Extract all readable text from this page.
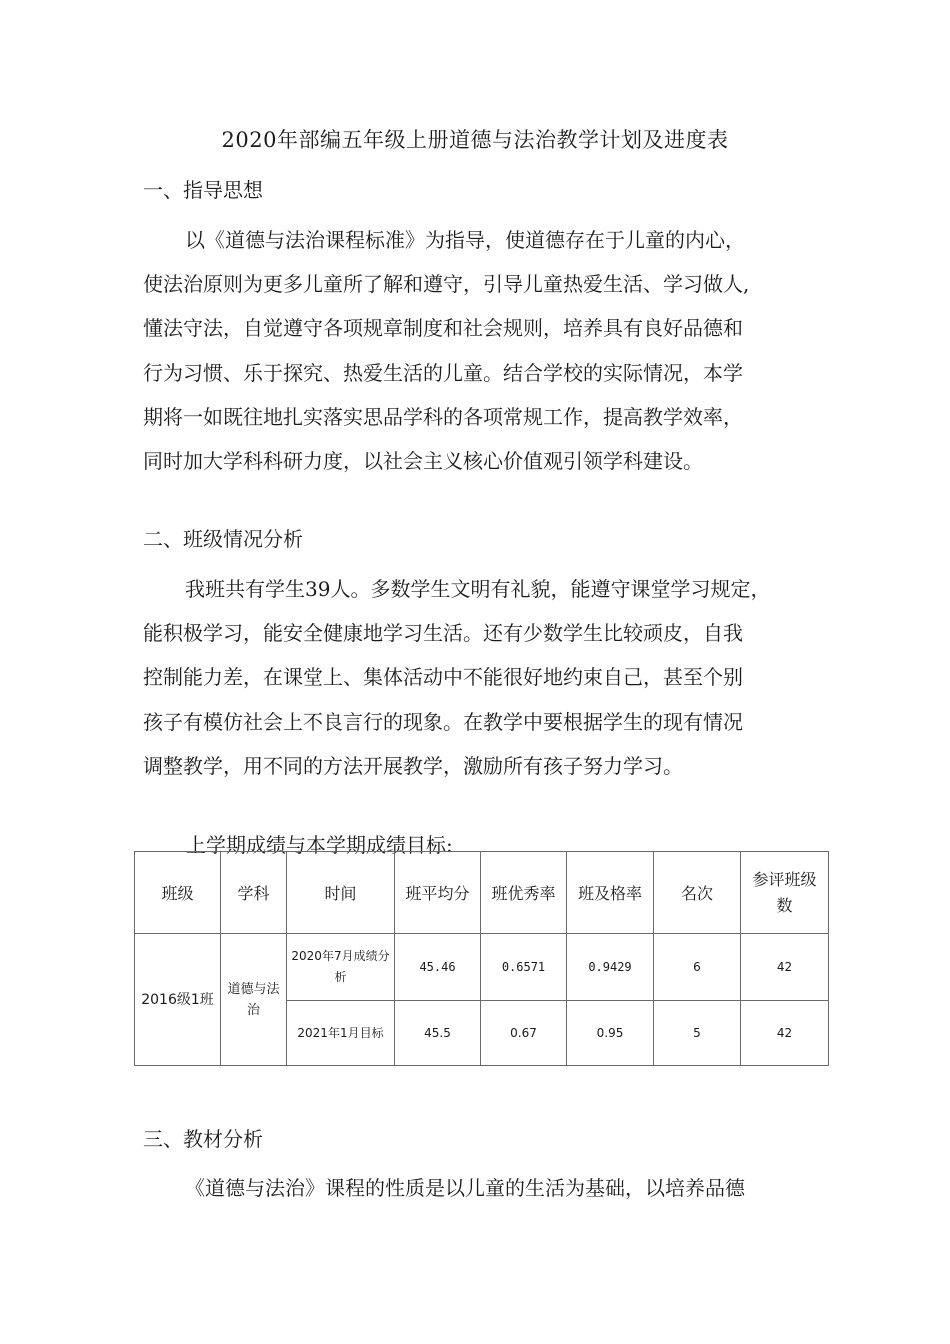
2020年部编五年级上册道德与法治教学计划及进度表
一、指导思想
以《道德与法治课程标准》为指导，使道德存在于儿童的内心，
使法治原则为更多儿童所了解和遵守，引导儿童热爱生活、学习做人,
懂法守法，自觉遵守各项规章制度和社会规则，培养具有良好品德和
行为习惯、乐于探究、热爱生活的儿童。结合学校的实际情况，本学
期将一如既往地扎实落实思品学科的各项常规工作，提高教学效率，
同时加大学科科研力度，以社会主义核心价值观引领学科建设。
二、班级情况分析
我班共有学生39人。多数学生文明有礼貌，能遵守课堂学习规定，
能积极学习，能安全健康地学习生活。还有少数学生比较顽皮，自我
控制能力差，在课堂上、集体活动中不能很好地约束自己，甚至个别
孩子有模仿社会上不良言行的现象。在教学中要根据学生的现有情况
调整教学，用不同的方法开展教学，激励所有孩子努力学习。
上学期成绩与本学期成绩目标:
班级	学科	时间	班平均分	班优秀率	班及格率	名次	参评班级数
2016级1班	道德与法治	2020年7月成绩分析	45.46	0.6571	0.9429	6	42
		2021年1月目标	45.5	0.67	0.95	5	42
三、教材分析
《道德与法治》课程的性质是以儿童的生活为基础，以培养品德
